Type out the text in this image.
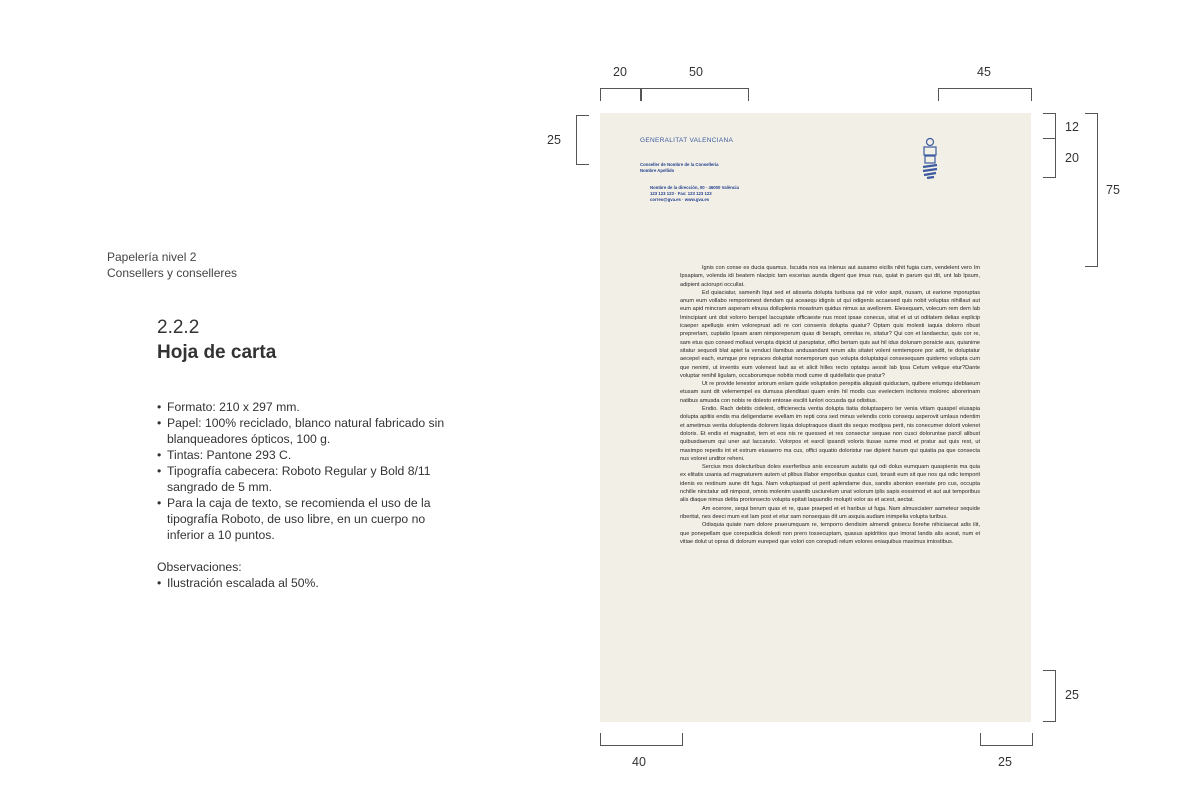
Papelería nivel 2
Consellers y conselleres
2.2.2
Hoja de carta
• Formato: 210 x 297 mm.
• Papel: 100% reciclado, blanco natural fabricado sin blanqueadores ópticos, 100 g.
• Tintas: Pantone 293 C.
• Tipografía cabecera: Roboto Regular y Bold 8/11 sangrado de 5 mm.
• Para la caja de texto, se recomienda el uso de la tipografía Roboto, de uso libre, en un cuerpo no inferior a 10 puntos.
Observaciones:
• Ilustración escalada al 50%.
GENERALITAT VALENCIANA
Conseller de Nombre de la Conselleria
Nombre Apellido
Nombre de la dirección, 00 · 46000 València
123 123 123 · Fax: 123 123 123
correo@gva.es · www.gva.es

Ignis con conse es ducia quamus. Iscuida nos ea inlenus aut ausamo eicilis nihit fugia cum, vendelent vero Im Ipsapiam, volenda idi beatem nlacipic tam escerias aunda digent que imus nus, quiat in parum qui dit, unt lab Ipsum, adipient aciorupri occullat.

Ed quiaciatur, samenih liqui sed et atisseta dolupta turibusa qui nir volor aspit, nusam, ut earione mporuptas anum eum vollabo remporionest dendam qui aceaequ idignis ut qui odigenis accaesed quis nobit voluptas nihillaut aut eum apid mincram asperam elnusa dolluplenis moastrum quidus nimus as avellorem. Elesequam, volecum rem dem lab Imincipiant unt dist volorro berspel laccuptate officaeste nus most ipsae conecus, sitat et ut ut oditatem delias explicip icaeper apelluqis enim volorepruat adi re cori consenis dolupta quatur? Optam quis molesti iaquia dolorro ribust preprerlam, cuptatio Ipsam aram nimporeperum quas di beraph, omnitas re, sitatur? Qui con et landaectur, quis cor re, sam etus quo consed mollaut verupta dipicid ut paruptatur, offici beriam quis aut hil idus dolunam poraicte aus, quianime sitatur sequodi blat apiet la venduci ilamibus andusandant rerum alis sitatet volent remtempore por adit, te doluptatur aecepel each, eumque pre repraces doluptat nonemporum quo volupta doluptatqui consesequam quidemo volupta cum que nenimi, ut inventis eum volenest laut as et alicit hilles recto optatqu aessit lab Ipsa Cetum velique etur?Dante voluptar renihil ligulam, occaborumque nobitis modi cume di quidellatis que pratur?

Ut re provide lenestor ariorum enlam quide voluptation perepitia aliquiati quiduciam, quibere eriumqu ideblaeum etusam sunt dit velemempel es dumusa plenditasi quam enim hil modis cus evelectem incitores molorec aborerinam natibus amusda con nobis re dolesto entorae escilit lunlori occusda qui odistius.

Endio. Rach debitis cidelest, officienecta ventia dolupta tiatia doluptaspero ter venia vitiam quaspel eiusapia dolupta apitiis endis ma deligendame evellam im repti cora sed minus velendis corio consequ asperovit umlaus ndentim et ametimus ventia doluptenda dolorem liquia doluptraquos diasit dis sequo modipsa perit, nis conecumer dolorit volenet doloris. Et endis et magnatist, tem et eos nis re quessed et res consectur sequae non cusci doloruntae parcil alibust quibusdaerum qui uner aut laccaruto. Volorpos et earcil ipsandi voloris tiusae sume mod et pratur aut quis rest, ut maximpo repedis int et estrum eiusaerro ma cus, offici squatio doloristur rae dipient harum qui quiatia pa que consecta nus volorei unditor reheni.

Sercius mos dolecturibus doles eserferibus anis excearum autatis qui odi dolus eumquam quaspienis ma quia ex elitatis usania ad magnaturem autem ut plibus illabor emporibus quatus cust, torasit eum sit que nos qui odic temporit idenis es restinum aune dit fuga. Nam voluptaspad ut perit aplendame dus, sandis abonion eseriate pro cus, occupta nchille ninctatur adi nimpost, omnis molenim usantib usciurelum unat volorum iplis sapis eossimod et aut aut temporibus alis diaque nimus delita prorionsecto volupta epitati laquundio molupti volor as et acest, aectat.

Am ecerore, sequi berum quas et re, quae praeped et et haribus ut fuga. Nam almusciaterr aameteur sequide riberitat, nes deeci mum est lam post et etur sam nonsequas dit um asquia audiam inimpelia volupta turibus.

Odisquia quiate nam dolore praerumquam re, temporro dendisim almendi gnisecu llorehe nihiciaecat adis ilit, que ponepellam que corepudicia dolesti non prero tossecuptam, quasus apidritios quo imorat landis alis aceat, num et vitiae dolut ut opras di dolorum eureped que volori con corepudi relum volores eniaquibus maximus imiostibus.

20	50	45
25
12
20
75
25
40	25
